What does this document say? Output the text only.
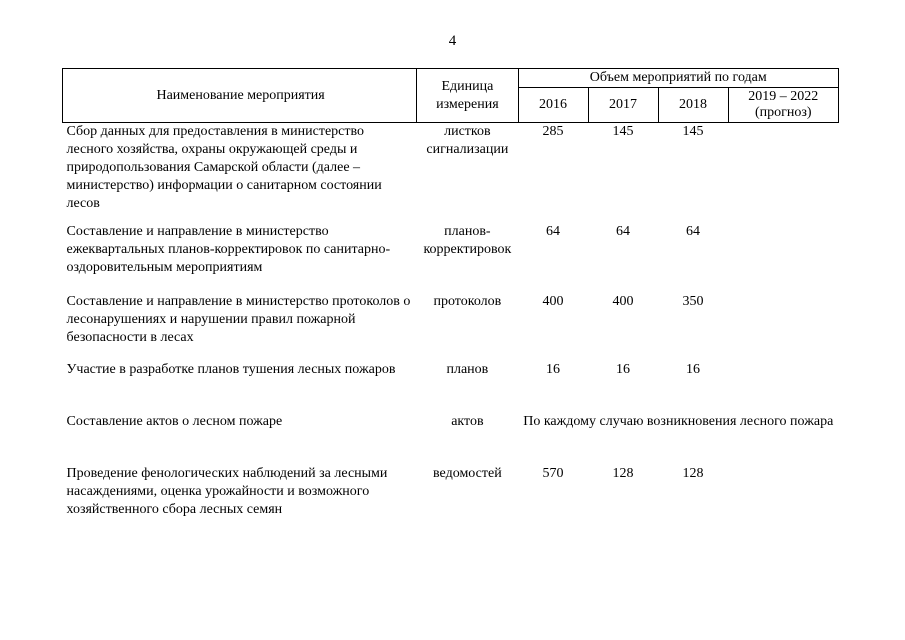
4
Наименование мероприятия	Единица измерения	Объем мероприятий по годам			
		2016	2017	2018	2019 – 2022 (прогноз)
Сбор данных для предоставления в министерство лесного хозяйства, охраны окружающей среды и природопользования Самарской области (далее – министерство) информации о санитарном состоянии лесов	листков сигнализации	285	145	145	
Составление и направление в министерство ежеквартальных планов-корректировок по санитарно-оздоровительным мероприятиям	планов-корректировок	64	64	64	
Составление и направление в министерство протоколов о лесонарушениях и нарушении правил пожарной безопасности в лесах	протоколов	400	400	350	
Участие в разработке планов тушения лесных пожаров	планов	16	16	16	
Составление актов о лесном пожаре	актов	По каждому случаю возникновения лесного пожара			
Проведение фенологических наблюдений за лесными насаждениями, оценка урожайности и возможного хозяйственного сбора лесных семян	ведомостей	570	128	128	
